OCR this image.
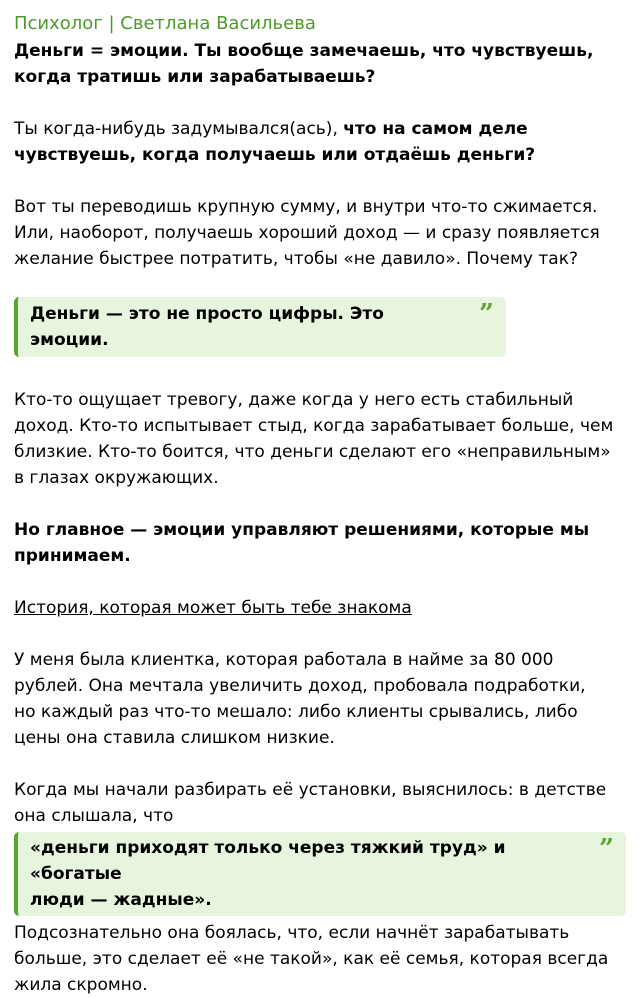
Психолог | Светлана Васильева

Деньги = эмоции. Ты вообще замечаешь, что чувствуешь,
когда тратишь или зарабатываешь?

Ты когда-нибудь задумывался(ась), что на самом деле
чувствуешь, когда получаешь или отдаёшь деньги?

Вот ты переводишь крупную сумму, и внутри что-то сжимается.
Или, наоборот, получаешь хороший доход — и сразу появляется
желание быстрее потратить, чтобы «не давило». Почему так?

Деньги — это не просто цифры. Это эмоции.
”

Кто-то ощущает тревогу, даже когда у него есть стабильный
доход. Кто-то испытывает стыд, когда зарабатывает больше, чем
близкие. Кто-то боится, что деньги сделают его «неправильным»
в глазах окружающих.

Но главное — эмоции управляют решениями, которые мы
принимаем.

История, которая может быть тебе знакома

У меня была клиентка, которая работала в найме за 80 000
рублей. Она мечтала увеличить доход, пробовала подработки,
но каждый раз что-то мешало: либо клиенты срывались, либо
цены она ставила слишком низкие.

Когда мы начали разбирать её установки, выяснилось: в детстве
она слышала, что

«деньги приходят только через тяжкий труд» и «богатые
люди — жадные».
”

Подсознательно она боялась, что, если начнёт зарабатывать
больше, это сделает её «не такой», как её семья, которая всегда
жила скромно.
